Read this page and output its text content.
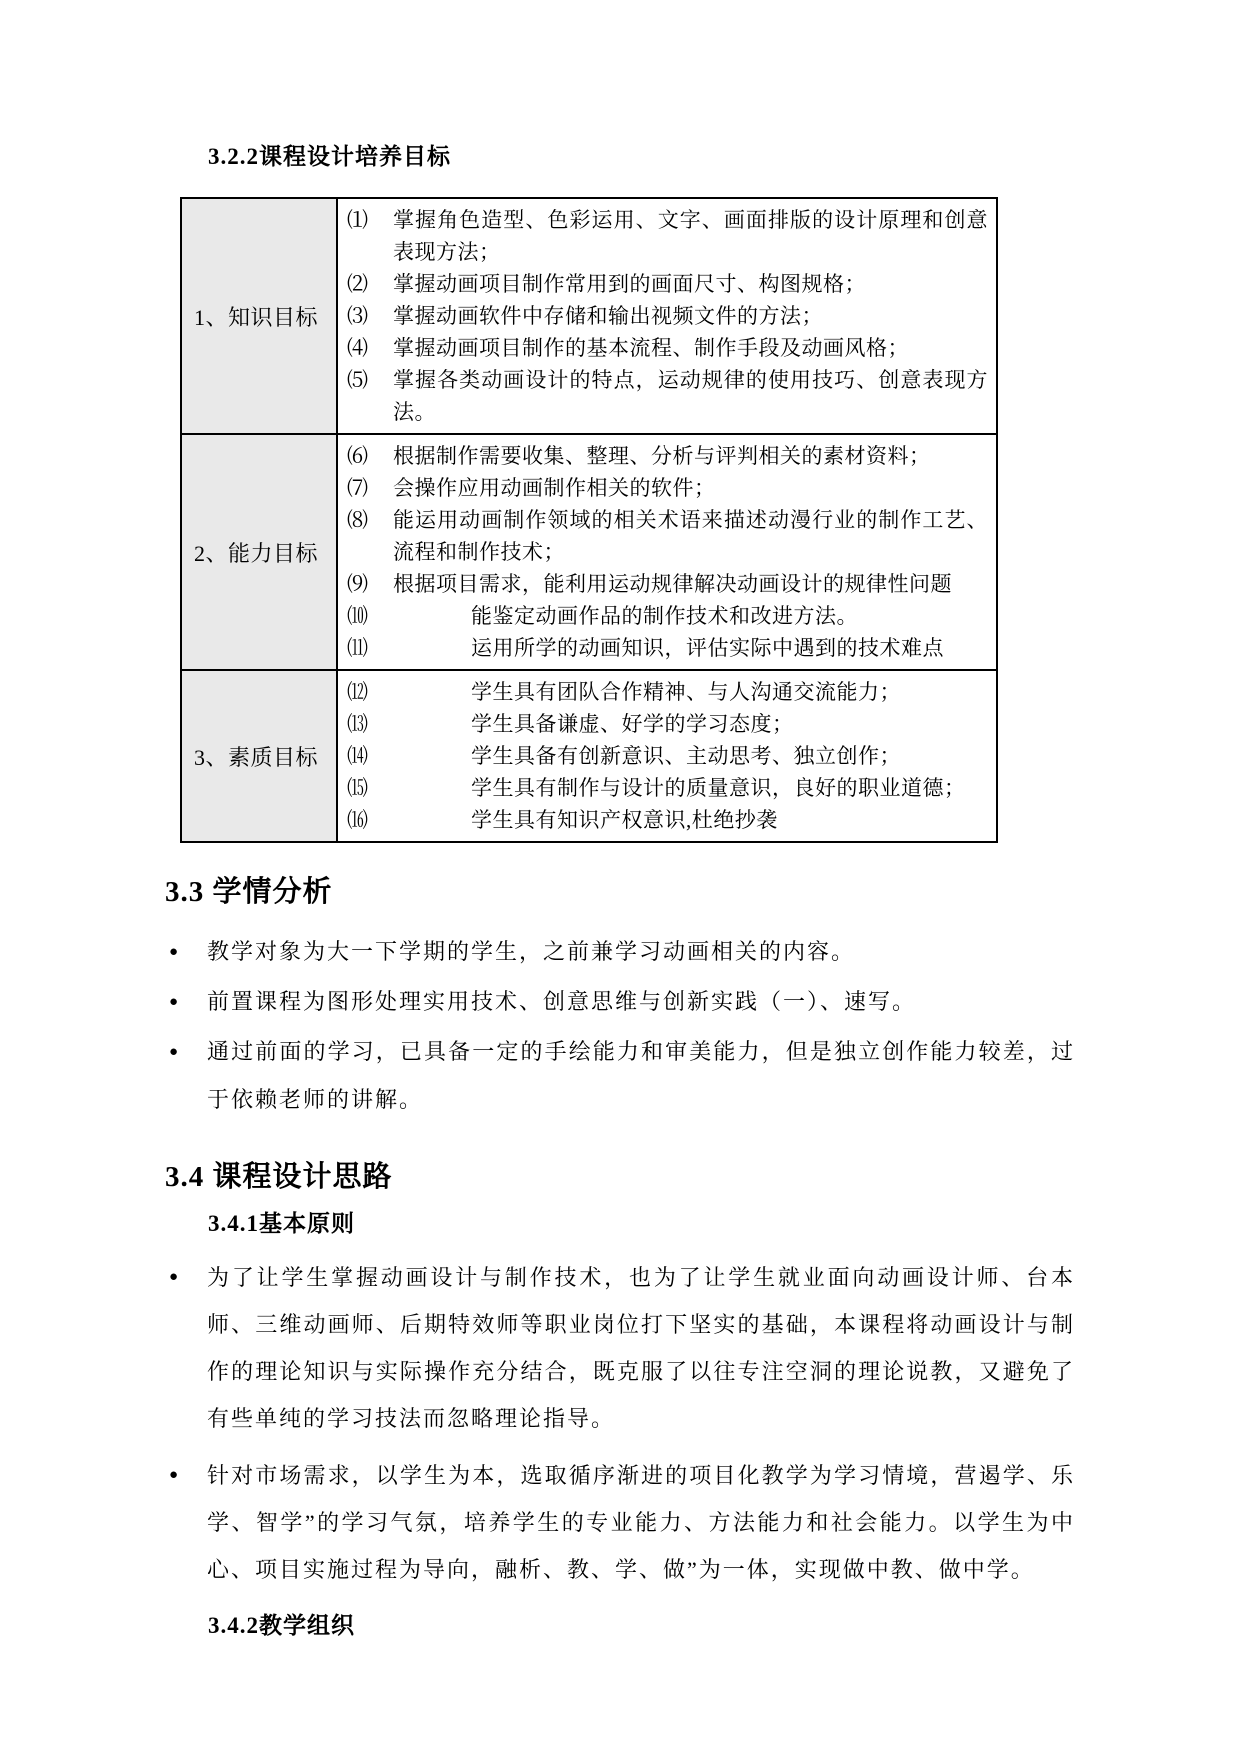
3.2.2课程设计培养目标
1、知识目标	
⑴	掌握角色造型、色彩运用、文字、画面排版的设计原理和创意表现方法；
⑵	掌握动画项目制作常用到的画面尺寸、构图规格；
⑶	掌握动画软件中存储和输出视频文件的方法；
⑷	掌握动画项目制作的基本流程、制作手段及动画风格；
⑸	掌握各类动画设计的特点，运动规律的使用技巧、创意表现方法。

2、能力目标	
⑹	根据制作需要收集、整理、分析与评判相关的素材资料；
⑺	会操作应用动画制作相关的软件；
⑻	能运用动画制作领域的相关术语来描述动漫行业的制作工艺、流程和制作技术；
⑼	根据项目需求，能利用运动规律解决动画设计的规律性问题
⑽	能鉴定动画作品的制作技术和改进方法。
⑾	运用所学的动画知识，评估实际中遇到的技术难点

3、素质目标	
⑿	学生具有团队合作精神、与人沟通交流能力；
⒀	学生具备谦虚、好学的学习态度；
⒁	学生具备有创新意识、主动思考、独立创作；
⒂	学生具有制作与设计的质量意识，良好的职业道德；
⒃	学生具有知识产权意识,杜绝抄袭
3.3 学情分析
●	教学对象为大一下学期的学生，之前兼学习动画相关的内容。
●	前置课程为图形处理实用技术、创意思维与创新实践（一）、速写。
●	通过前面的学习，已具备一定的手绘能力和审美能力，但是独立创作能力较差，过于依赖老师的讲解。
3.4 课程设计思路
3.4.1基本原则
●	为了让学生掌握动画设计与制作技术，也为了让学生就业面向动画设计师、台本师、三维动画师、后期特效师等职业岗位打下坚实的基础，本课程将动画设计与制作的理论知识与实际操作充分结合，既克服了以往专注空洞的理论说教，又避免了有些单纯的学习技法而忽略理论指导。
●	针对市场需求，以学生为本，选取循序渐进的项目化教学为学习情境，营遏学、乐学、智学”的学习气氛，培养学生的专业能力、方法能力和社会能力。以学生为中心、项目实施过程为导向，融析、教、学、做”为一体，实现做中教、做中学。
3.4.2教学组织
